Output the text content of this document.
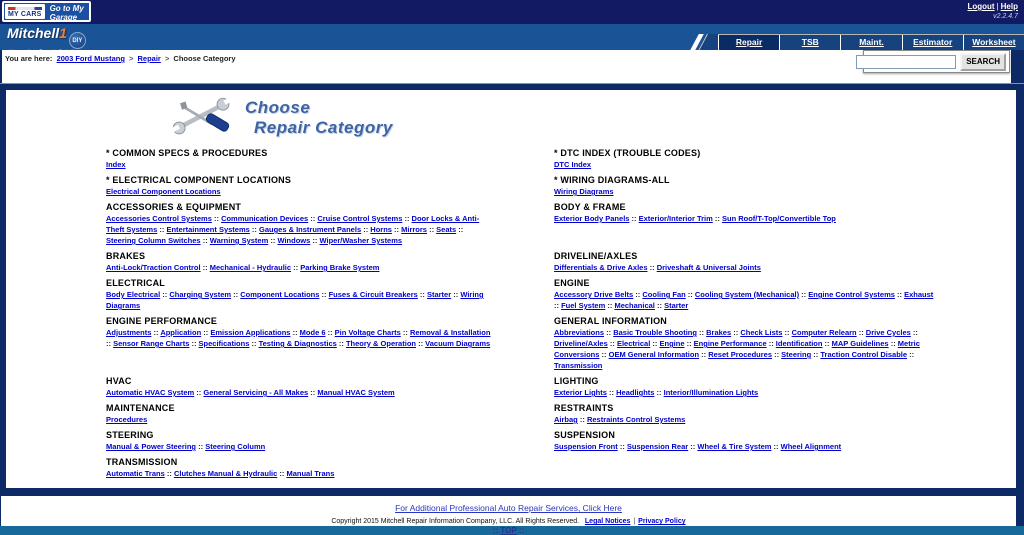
MY CARS
Go to My
Garage
Logout | Help
v2.2.4.7
Mitchell1 DIY	Repair	TSB	Maint.	Estimator	Worksheet
You are here: 2003 Ford Mustang > Repair > Choose Category	SEARCH
Choose
Repair Category
* COMMON SPECS & PROCEDURES
Index
* DTC INDEX (TROUBLE CODES)
DTC Index
* ELECTRICAL COMPONENT LOCATIONS
Electrical Component Locations
* WIRING DIAGRAMS-ALL
Wiring Diagrams
ACCESSORIES & EQUIPMENT
Accessories Control Systems :: Communication Devices :: Cruise Control Systems :: Door Locks & Anti-Theft Systems :: Entertainment Systems :: Gauges & Instrument Panels :: Horns :: Mirrors :: Seats :: Steering Column Switches :: Warning System :: Windows :: Wiper/Washer Systems
BODY & FRAME
Exterior Body Panels :: Exterior/Interior Trim :: Sun Roof/T-Top/Convertible Top
BRAKES
Anti-Lock/Traction Control :: Mechanical - Hydraulic :: Parking Brake System
DRIVELINE/AXLES
Differentials & Drive Axles :: Driveshaft & Universal Joints
ELECTRICAL
Body Electrical :: Charging System :: Component Locations :: Fuses & Circuit Breakers :: Starter :: Wiring Diagrams
ENGINE
Accessory Drive Belts :: Cooling Fan :: Cooling System (Mechanical) :: Engine Control Systems :: Exhaust :: Fuel System :: Mechanical :: Starter
ENGINE PERFORMANCE
Adjustments :: Application :: Emission Applications :: Mode 6 :: Pin Voltage Charts :: Removal & Installation :: Sensor Range Charts :: Specifications :: Testing & Diagnostics :: Theory & Operation :: Vacuum Diagrams
GENERAL INFORMATION
Abbreviations :: Basic Trouble Shooting :: Brakes :: Check Lists :: Computer Relearn :: Drive Cycles :: Driveline/Axles :: Electrical :: Engine :: Engine Performance :: Identification :: MAP Guidelines :: Metric Conversions :: OEM General Information :: Reset Procedures :: Steering :: Traction Control Disable :: Transmission
HVAC
Automatic HVAC System :: General Servicing - All Makes :: Manual HVAC System
LIGHTING
Exterior Lights :: Headlights :: Interior/Illumination Lights
MAINTENANCE
Procedures
RESTRAINTS
Airbag :: Restraints Control Systems
STEERING
Manual & Power Steering :: Steering Column
SUSPENSION
Suspension Front :: Suspension Rear :: Wheel & Tire System :: Wheel Alignment
TRANSMISSION
Automatic Trans :: Clutches Manual & Hydraulic :: Manual Trans
For Additional Professional Auto Repair Services, Click Here
Copyright 2015 Mitchell Repair Information Company, LLC. All Rights Reserved. Legal Notices | Privacy Policy
:: TOP ::
